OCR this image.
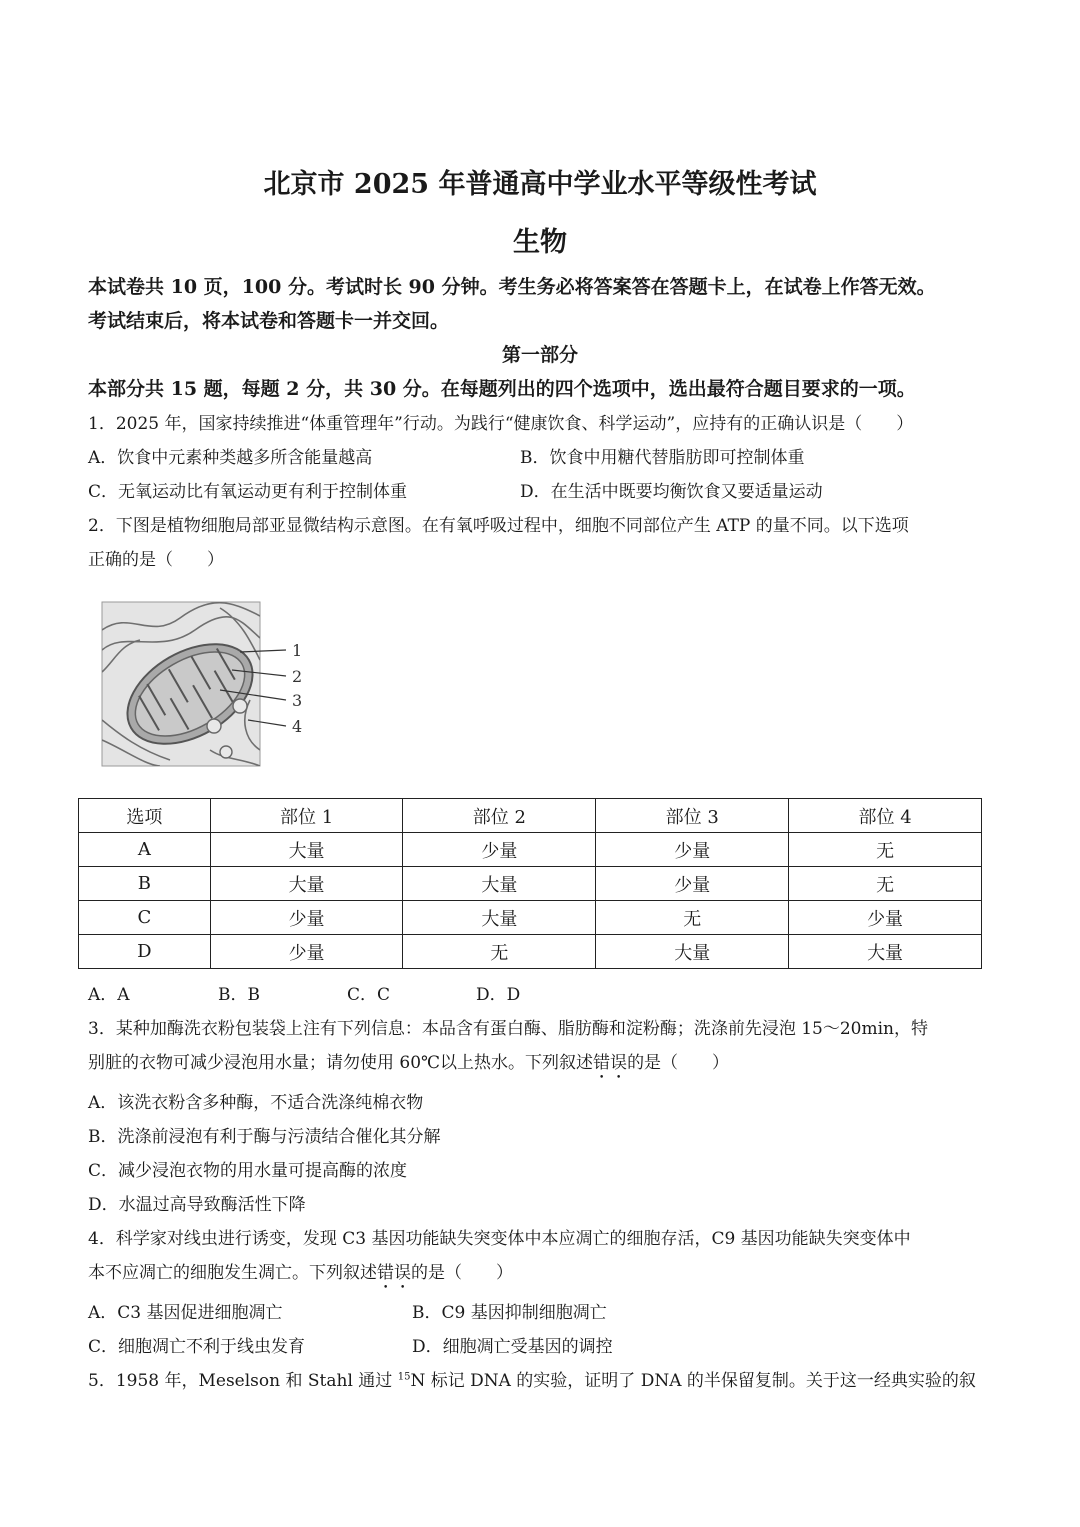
北京市 2025 年普通高中学业水平等级性考试
生物
本试卷共 10 页，100 分。考试时长 90 分钟。考生务必将答案答在答题卡上，在试卷上作答无效。
考试结束后，将本试卷和答题卡一并交回。
第一部分
本部分共 15 题，每题 2 分，共 30 分。在每题列出的四个选项中，选出最符合题目要求的一项。
1．2025 年，国家持续推进“体重管理年”行动。为践行“健康饮食、科学运动”，应持有的正确认识是（　　）
A．饮食中元素种类越多所含能量越高	B．饮食中用糖代替脂肪即可控制体重
C．无氧运动比有氧运动更有利于控制体重	D．在生活中既要均衡饮食又要适量运动
2．下图是植物细胞局部亚显微结构示意图。在有氧呼吸过程中，细胞不同部位产生 ATP 的量不同。以下选项
正确的是（　　）
1
2
3
4
选项	部位 1	部位 2	部位 3	部位 4
A	大量	少量	少量	无
B	大量	大量	少量	无
C	少量	大量	无	少量
D	少量	无	大量	大量
A．A	B．B	C．C	D．D
3．某种加酶洗衣粉包装袋上注有下列信息：本品含有蛋白酶、脂肪酶和淀粉酶；洗涤前先浸泡 15～20min，特
别脏的衣物可减少浸泡用水量；请勿使用 60℃以上热水。下列叙述错误的是（　　）
A．该洗衣粉含多种酶，不适合洗涤纯棉衣物
B．洗涤前浸泡有利于酶与污渍结合催化其分解
C．减少浸泡衣物的用水量可提高酶的浓度
D．水温过高导致酶活性下降
4．科学家对线虫进行诱变，发现 C3 基因功能缺失突变体中本应凋亡的细胞存活，C9 基因功能缺失突变体中
本不应凋亡的细胞发生凋亡。下列叙述错误的是（　　）
A．C3 基因促进细胞凋亡	B．C9 基因抑制细胞凋亡
C．细胞凋亡不利于线虫发育	D．细胞凋亡受基因的调控
5．1958 年，Meselson 和 Stahl 通过 $^{15}$N 标记 DNA 的实验，证明了 DNA 的半保留复制。关于这一经典实验的叙
